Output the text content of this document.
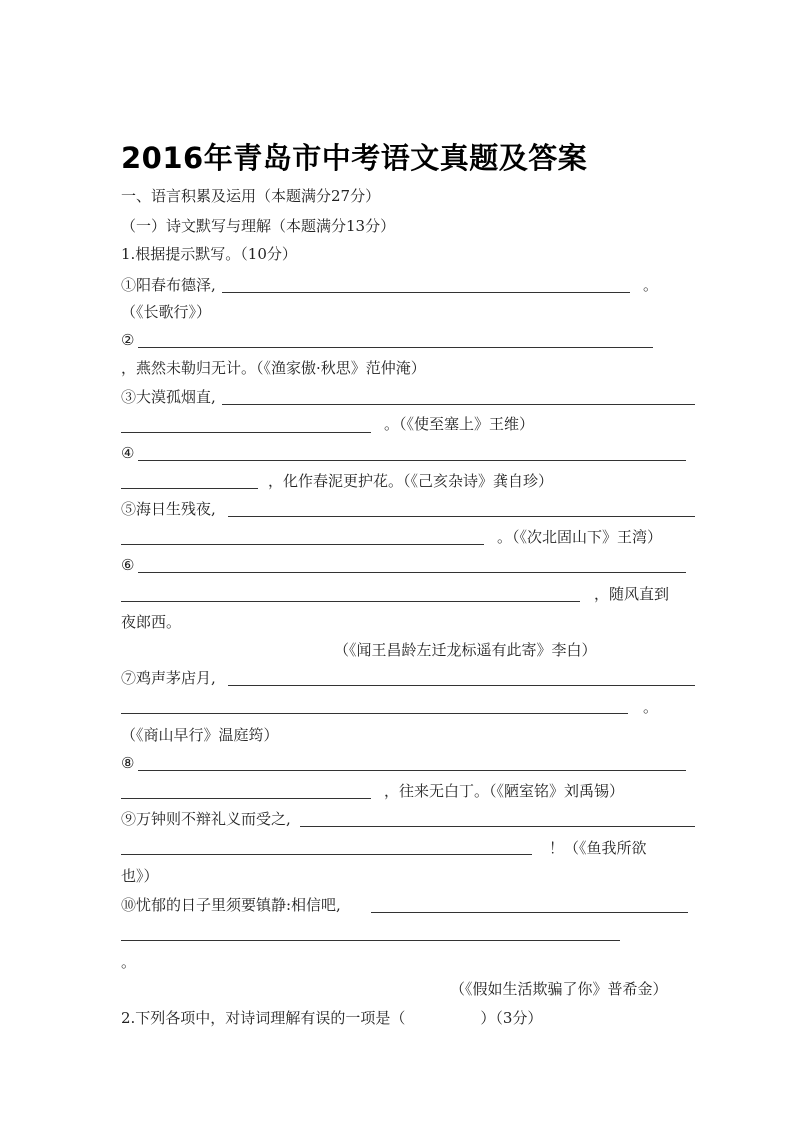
2016年青岛市中考语文真题及答案
一、语言积累及运用（本题满分27分）
（一）诗文默写与理解（本题满分13分）
1.根据提示默写。（10分）
①阳春布德泽,	。
（《长歌行》）
②
，燕然未勒归无计。（《渔家傲·秋思》范仲淹）
③大漠孤烟直,
。（《使至塞上》王维）
④
，化作春泥更护花。（《己亥杂诗》龚自珍）
⑤海日生残夜,
。（《次北固山下》王湾）
⑥
，随风直到
夜郎西。
（《闻王昌龄左迁龙标遥有此寄》李白）
⑦鸡声茅店月,
。
（《商山早行》温庭筠）
⑧
，往来无白丁。（《陋室铭》刘禹锡）
⑨万钟则不辩礼义而受之,
！（《鱼我所欲
也》）
⑩忧郁的日子里须要镇静:相信吧,
。
（《假如生活欺骗了你》普希金）
2.下列各项中，对诗词理解有误的一项是（　　　　　）（3分）
